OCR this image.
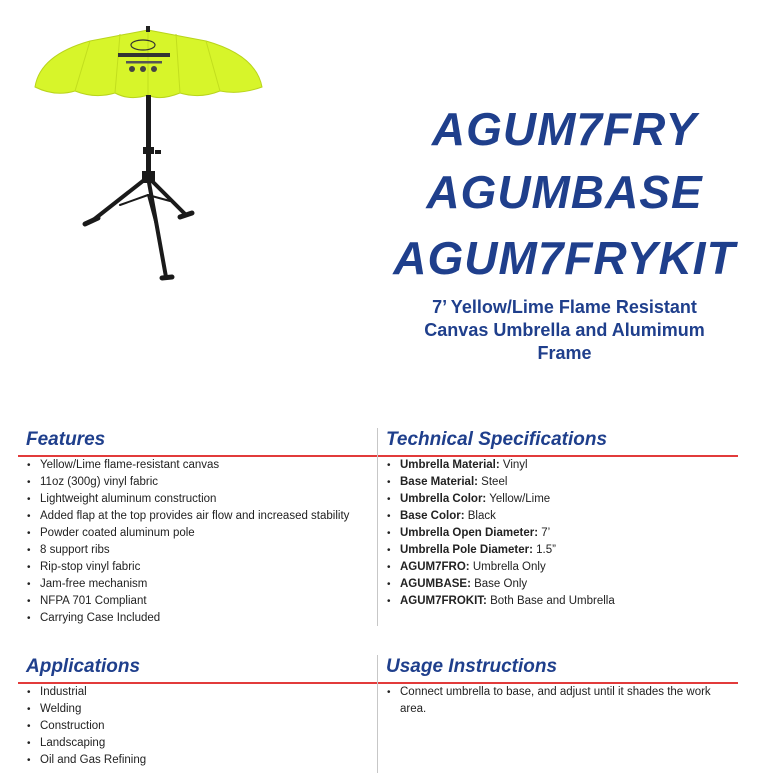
AGUM7FRY
AGUMBASE
AGUM7FRYKIT
7’ Yellow/Lime Flame Resistant
Canvas Umbrella and Alumimum
Frame
Features	Technical Specifications
• Yellow/Lime flame-resistant canvas
• 11oz (300g) vinyl fabric
• Lightweight aluminum construction
• Added flap at the top provides air flow and increased stability
• Powder coated aluminum pole
• 8 support ribs
• Rip-stop vinyl fabric
• Jam-free mechanism
• NFPA 701 Compliant
• Carrying Case Included
• Umbrella Material: Vinyl
• Base Material: Steel
• Umbrella Color: Yellow/Lime
• Base Color: Black
• Umbrella Open Diameter: 7’
• Umbrella Pole Diameter: 1.5”
• AGUM7FRO: Umbrella Only
• AGUMBASE: Base Only
• AGUM7FROKIT: Both Base and Umbrella
Applications	Usage Instructions
• Industrial
• Welding
• Construction
• Landscaping
• Oil and Gas Refining
• Connect umbrella to base, and adjust until it shades the work area.
